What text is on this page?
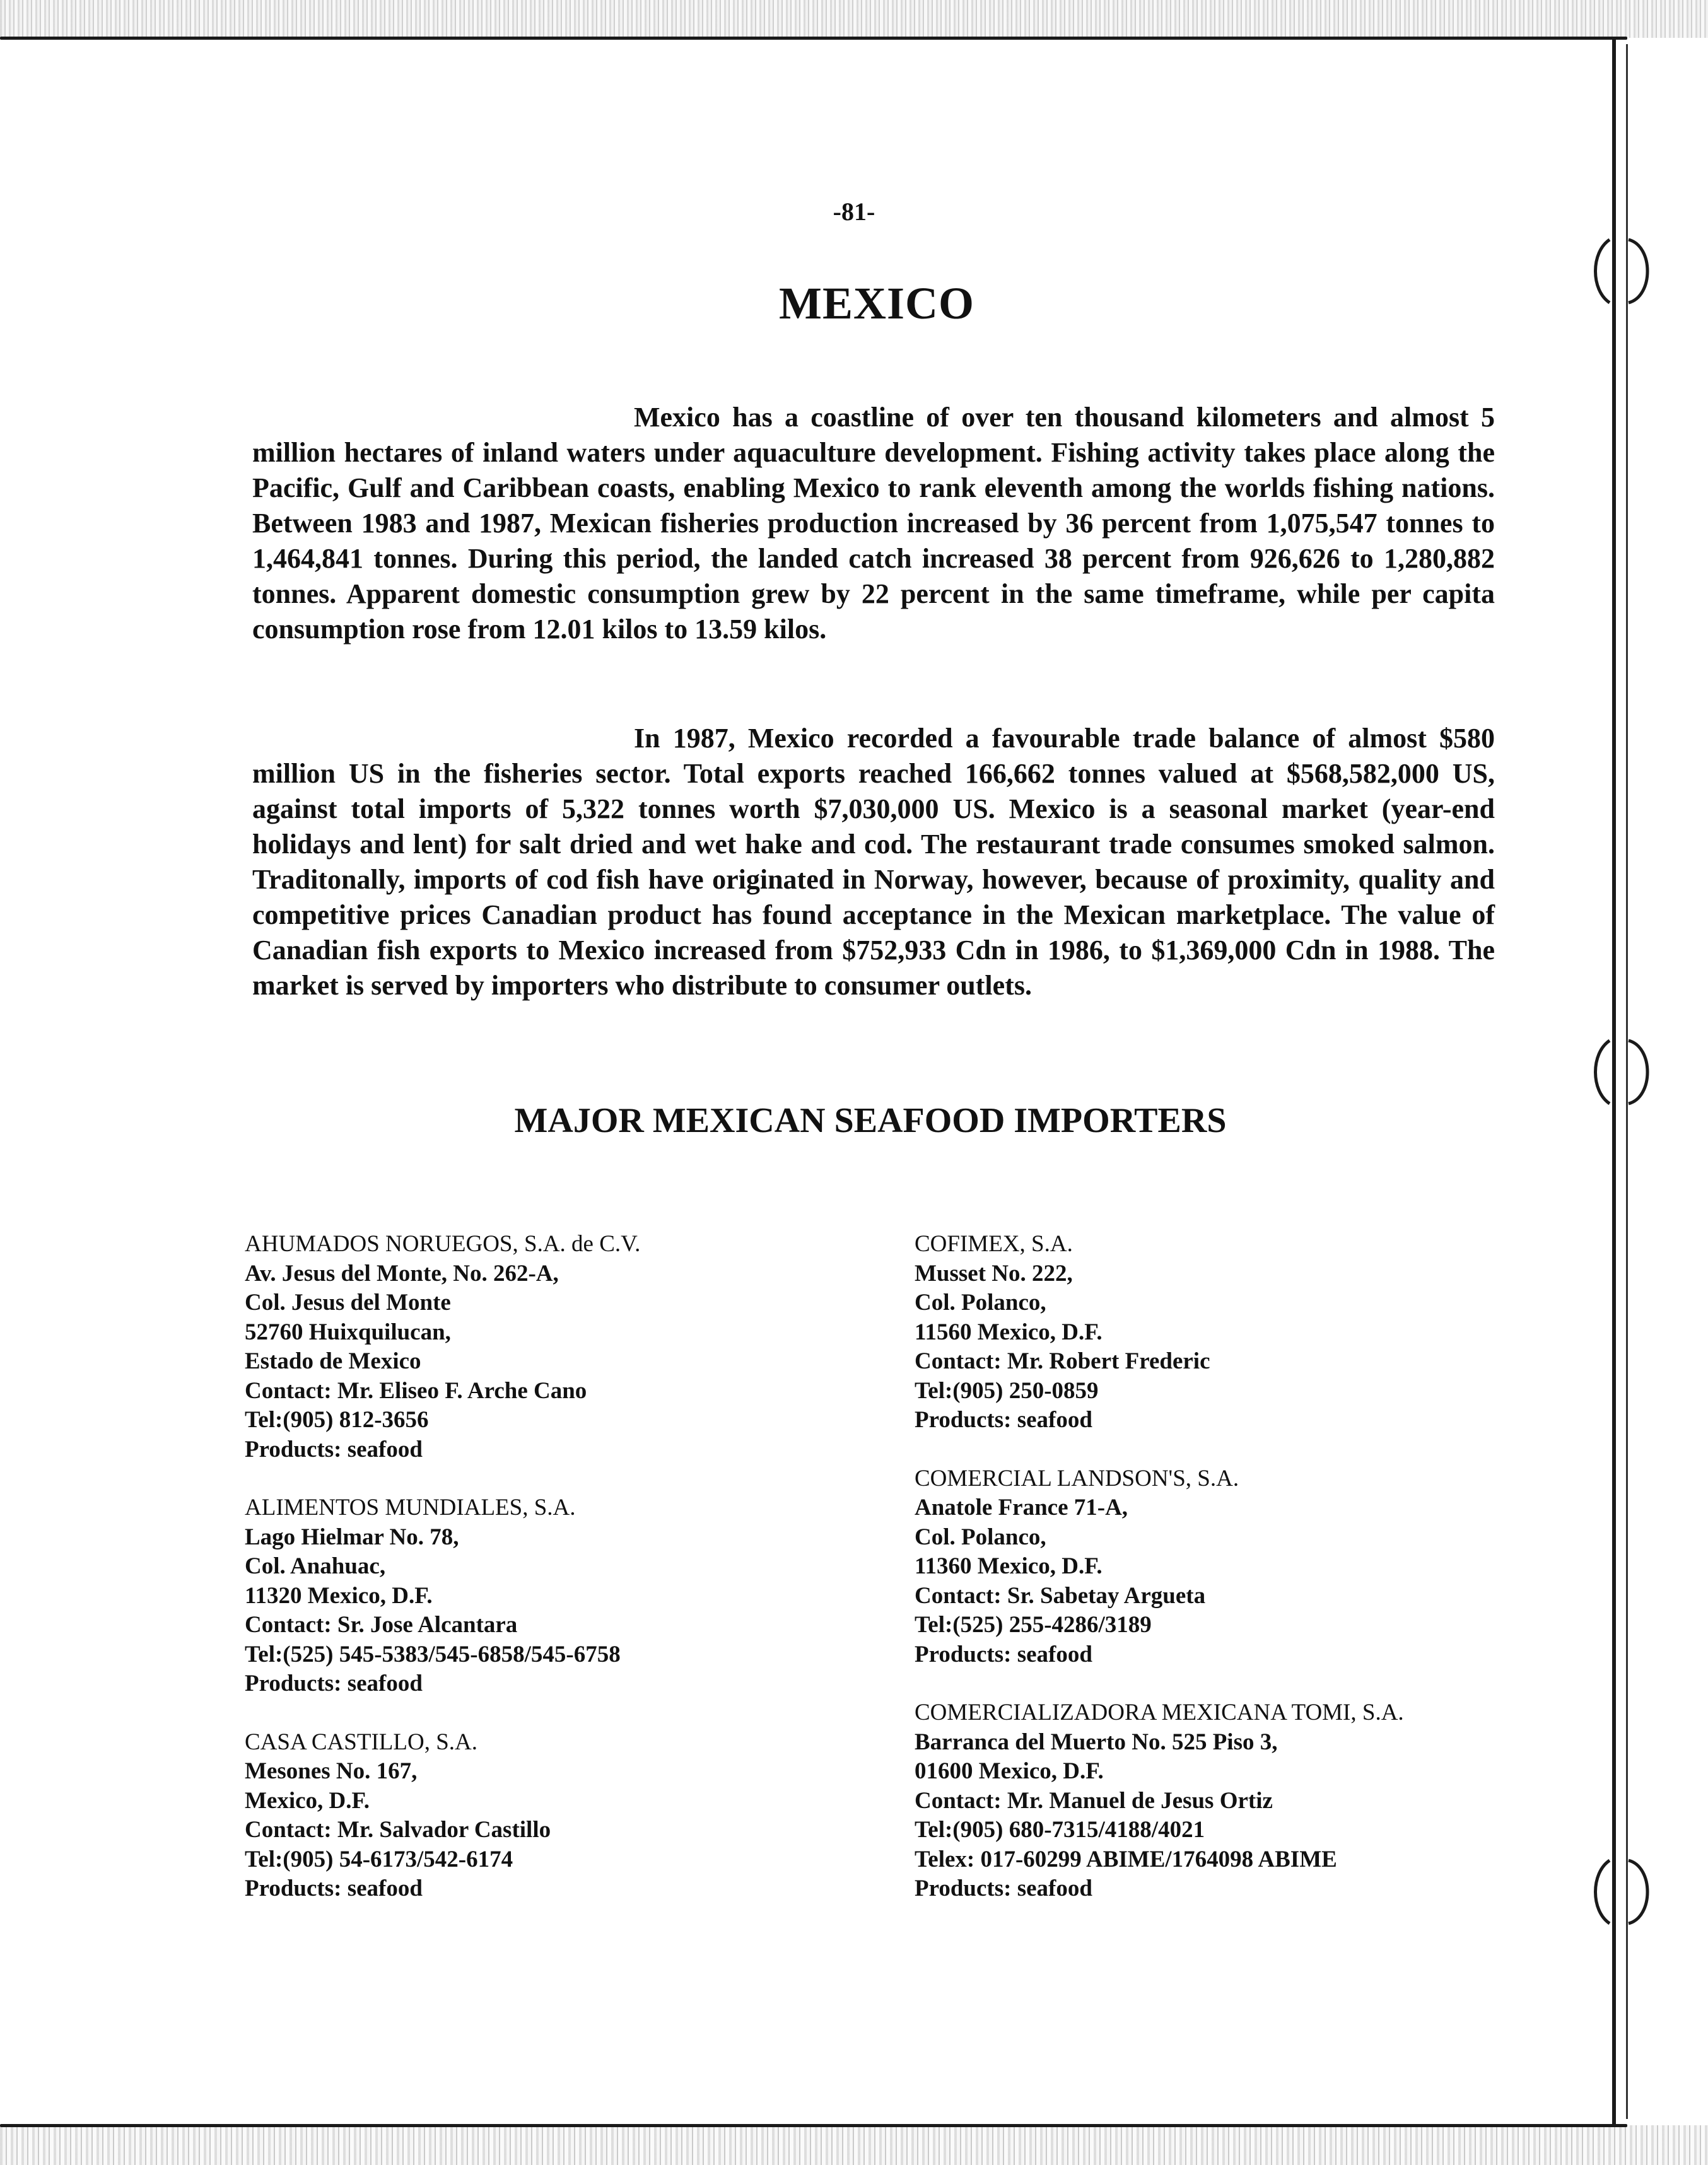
-81-
MEXICO

Mexico has a coastline of over ten thousand kilometers and almost 5 million hectares of inland waters under aquaculture development. Fishing activity takes place along the Pacific, Gulf and Caribbean coasts, enabling Mexico to rank eleventh among the worlds fishing nations. Between 1983 and 1987, Mexican fisheries production increased by 36 percent from 1,075,547 tonnes to 1,464,841 tonnes. During this period, the landed catch increased 38 percent from 926,626 to 1,280,882 tonnes. Apparent domestic consumption grew by 22 percent in the same timeframe, while per capita consumption rose from 12.01 kilos to 13.59 kilos.

In 1987, Mexico recorded a favourable trade balance of almost $580 million US in the fisheries sector. Total exports reached 166,662 tonnes valued at $568,582,000 US, against total imports of 5,322 tonnes worth $7,030,000 US. Mexico is a seasonal market (year-end holidays and lent) for salt dried and wet hake and cod. The restaurant trade consumes smoked salmon. Traditonally, imports of cod fish have originated in Norway, however, because of proximity, quality and competitive prices Canadian product has found acceptance in the Mexican marketplace. The value of Canadian fish exports to Mexico increased from $752,933 Cdn in 1986, to $1,369,000 Cdn in 1988. The market is served by importers who distribute to consumer outlets.

MAJOR MEXICAN SEAFOOD IMPORTERS
AHUMADOS NORUEGOS, S.A. de C.V.
Av. Jesus del Monte, No. 262-A,
Col. Jesus del Monte
52760 Huixquilucan,
Estado de Mexico
Contact: Mr. Eliseo F. Arche Cano
Tel:(905) 812-3656
Products: seafood
ALIMENTOS MUNDIALES, S.A.
Lago Hielmar No. 78,
Col. Anahuac,
11320 Mexico, D.F.
Contact: Sr. Jose Alcantara
Tel:(525) 545-5383/545-6858/545-6758
Products: seafood
CASA CASTILLO, S.A.
Mesones No. 167,
Mexico, D.F.
Contact: Mr. Salvador Castillo
Tel:(905) 54-6173/542-6174
Products: seafood
COFIMEX, S.A.
Musset No. 222,
Col. Polanco,
11560 Mexico, D.F.
Contact: Mr. Robert Frederic
Tel:(905) 250-0859
Products: seafood
COMERCIAL LANDSON'S, S.A.
Anatole France 71-A,
Col. Polanco,
11360 Mexico, D.F.
Contact: Sr. Sabetay Argueta
Tel:(525) 255-4286/3189
Products: seafood
COMERCIALIZADORA MEXICANA TOMI, S.A.
Barranca del Muerto No. 525 Piso 3,
01600 Mexico, D.F.
Contact: Mr. Manuel de Jesus Ortiz
Tel:(905) 680-7315/4188/4021
Telex: 017-60299 ABIME/1764098 ABIME
Products: seafood
